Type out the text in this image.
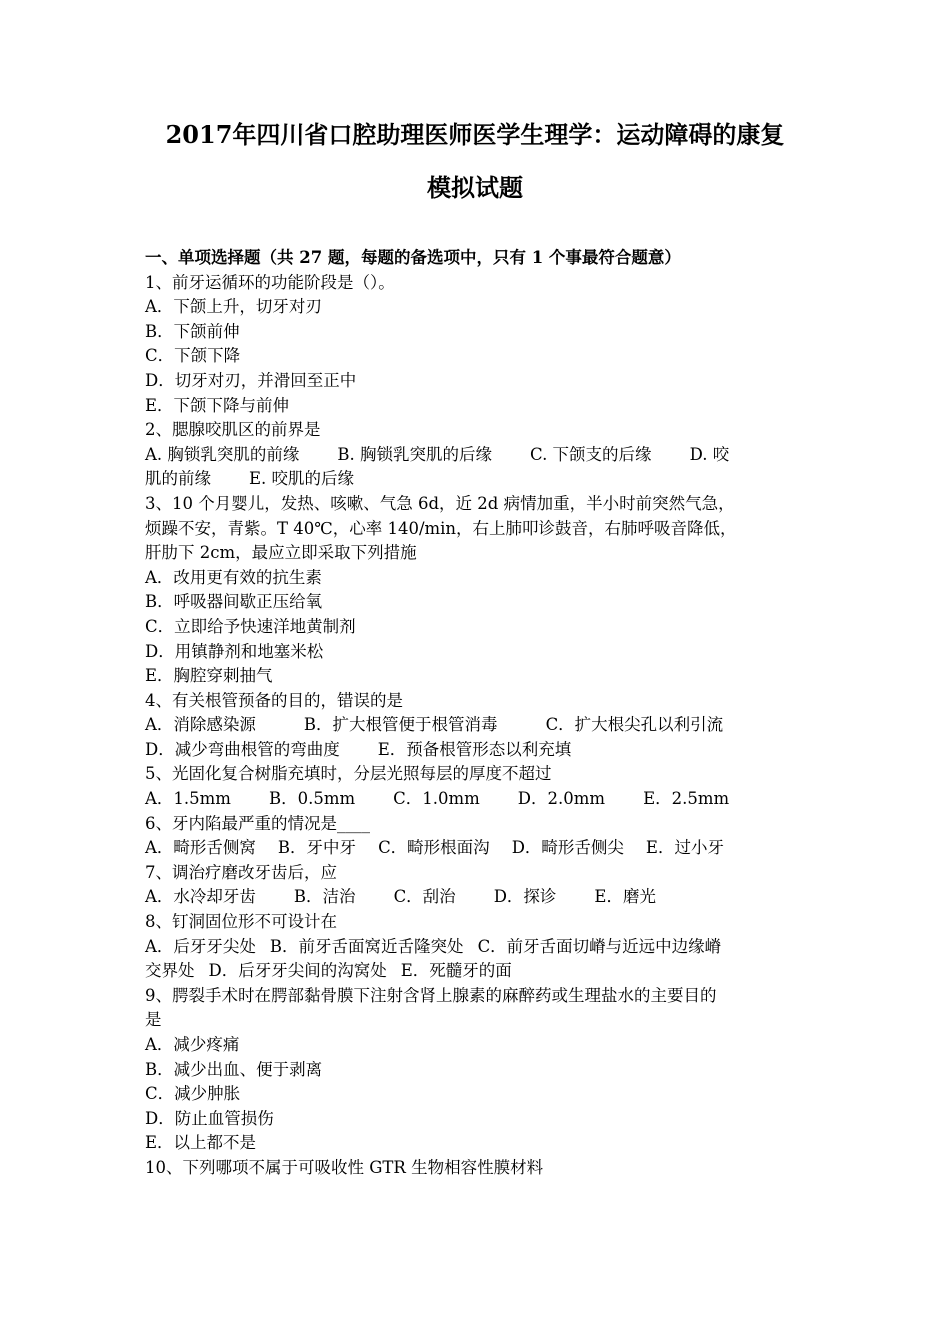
2017年四川省口腔助理医师医学生理学：运动障碍的康复
模拟试题
一、单项选择题（共 27 题，每题的备选项中，只有 1 个事最符合题意）
1、前牙运循环的功能阶段是（）。
A．下颌上升，切牙对刃
B．下颌前伸
C．下颌下降
D．切牙对刃，并滑回至正中
E．下颌下降与前伸
2、腮腺咬肌区的前界是
A. 胸锁乳突肌的前缘 B. 胸锁乳突肌的后缘 C. 下颌支的后缘 D. 咬
肌的前缘 E. 咬肌的后缘
3、10 个月婴儿，发热、咳嗽、气急 6d，近 2d 病情加重，半小时前突然气急，
烦躁不安，青紫。T 40℃，心率 140/min，右上肺叩诊鼓音，右肺呼吸音降低，
肝肋下 2cm，最应立即采取下列措施
A．改用更有效的抗生素
B．呼吸器间歇正压给氧
C．立即给予快速洋地黄制剂
D．用镇静剂和地塞米松
E．胸腔穿刺抽气
4、有关根管预备的目的，错误的是
A．消除感染源	B．扩大根管便于根管消毒	C．扩大根尖孔以利引流
D．减少弯曲根管的弯曲度 E．预备根管形态以利充填
5、光固化复合树脂充填时，分层光照每层的厚度不超过
A．1.5mm B．0.5mm C．1.0mm D．2.0mm E．2.5mm
6、牙内陷最严重的情况是____
A．畸形舌侧窝 B．牙中牙 C．畸形根面沟 D．畸形舌侧尖 E．过小牙
7、调治疗磨改牙齿后，应
A．水冷却牙齿 B．洁治 C．刮治 D．探诊 E．磨光
8、钉洞固位形不可设计在
A．后牙牙尖处 B．前牙舌面窝近舌隆突处 C．前牙舌面切嵴与近远中边缘嵴
交界处 D．后牙牙尖间的沟窝处 E．死髓牙的面
9、腭裂手术时在腭部黏骨膜下注射含肾上腺素的麻醉药或生理盐水的主要目的
是
A．减少疼痛
B．减少出血、便于剥离
C．减少肿胀
D．防止血管损伤
E．以上都不是
10、下列哪项不属于可吸收性 GTR 生物相容性膜材料
